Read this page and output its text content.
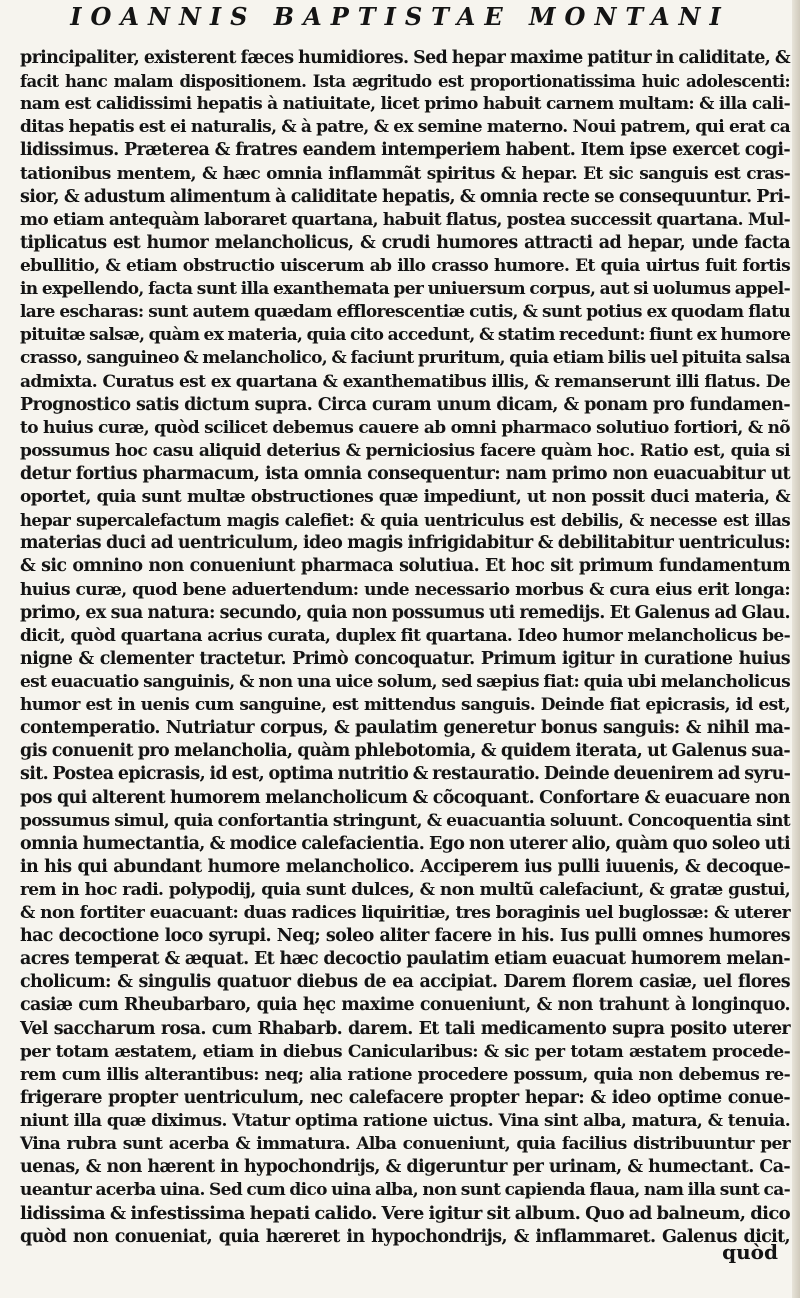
IOANNIS BAPTISTAE MONTANI
principaliter, existerent fæces humidiores. Sed hepar maxime patitur in caliditate, &
facit hanc malam dispositionem. Ista ægritudo est proportionatissima huic adolescenti:
nam est calidissimi hepatis à natiuitate, licet primo habuit carnem multam: & illa cali-
ditas hepatis est ei naturalis, & à patre, & ex semine materno. Noui patrem, qui erat ca
lidissimus. Præterea & fratres eandem intemperiem habent. Item ipse exercet cogi-
tationibus mentem, & hæc omnia inflammãt spiritus & hepar. Et sic sanguis est cras-
sior, & adustum alimentum à caliditate hepatis, & omnia recte se consequuntur. Pri-
mo etiam antequàm laboraret quartana, habuit flatus, postea successit quartana. Mul-
tiplicatus est humor melancholicus, & crudi humores attracti ad hepar, unde facta
ebullitio, & etiam obstructio uiscerum ab illo crasso humore. Et quia uirtus fuit fortis
in expellendo, facta sunt illa exanthemata per uniuersum corpus, aut si uolumus appel-
lare escharas: sunt autem quædam efflorescentiæ cutis, & sunt potius ex quodam flatu
pituitæ salsæ, quàm ex materia, quia cito accedunt, & statim recedunt: fiunt ex humore
crasso, sanguineo & melancholico, & faciunt pruritum, quia etiam bilis uel pituita salsa
admixta. Curatus est ex quartana & exanthematibus illis, & remanserunt illi flatus. De
Prognostico satis dictum supra. Circa curam unum dicam, & ponam pro fundamen-
to huius curæ, quòd scilicet debemus cauere ab omni pharmaco solutiuo fortiori, & nõ
possumus hoc casu aliquid deterius & perniciosius facere quàm hoc. Ratio est, quia si
detur fortius pharmacum, ista omnia consequentur: nam primo non euacuabitur ut
oportet, quia sunt multæ obstructiones quæ impediunt, ut non possit duci materia, &
hepar supercalefactum magis calefiet: & quia uentriculus est debilis, & necesse est illas
materias duci ad uentriculum, ideo magis infrigidabitur & debilitabitur uentriculus:
& sic omnino non conueniunt pharmaca solutiua. Et hoc sit primum fundamentum
huius curæ, quod bene aduertendum: unde necessario morbus & cura eius erit longa:
primo, ex sua natura: secundo, quia non possumus uti remedijs. Et Galenus ad Glau.
dicit, quòd quartana acrius curata, duplex fit quartana. Ideo humor melancholicus be-
nigne & clementer tractetur. Primò concoquatur. Primum igitur in curatione huius
est euacuatio sanguinis, & non una uice solum, sed sæpius fiat: quia ubi melancholicus
humor est in uenis cum sanguine, est mittendus sanguis. Deinde fiat epicrasis, id est,
contemperatio. Nutriatur corpus, & paulatim generetur bonus sanguis: & nihil ma-
gis conuenit pro melancholia, quàm phlebotomia, & quidem iterata, ut Galenus sua-
sit. Postea epicrasis, id est, optima nutritio & restauratio. Deinde deuenirem ad syru-
pos qui alterent humorem melancholicum & cõcoquant. Confortare & euacuare non
possumus simul, quia confortantia stringunt, & euacuantia soluunt. Concoquentia sint
omnia humectantia, & modice calefacientia. Ego non uterer alio, quàm quo soleo uti
in his qui abundant humore melancholico. Acciperem ius pulli iuuenis, & decoque-
rem in hoc radi. polypodij, quia sunt dulces, & non multũ calefaciunt, & gratæ gustui,
& non fortiter euacuant: duas radices liquiritiæ, tres boraginis uel buglossæ: & uterer
hac decoctione loco syrupi. Neq; soleo aliter facere in his. Ius pulli omnes humores
acres temperat & æquat. Et hæc decoctio paulatim etiam euacuat humorem melan-
cholicum: & singulis quatuor diebus de ea accipiat. Darem florem casiæ, uel flores
casiæ cum Rheubarbaro, quia hęc maxime conueniunt, & non trahunt à longinquo.
Vel saccharum rosa. cum Rhabarb. darem. Et tali medicamento supra posito uterer
per totam æstatem, etiam in diebus Canicularibus: & sic per totam æstatem procede-
rem cum illis alterantibus: neq; alia ratione procedere possum, quia non debemus re-
frigerare propter uentriculum, nec calefacere propter hepar: & ideo optime conue-
niunt illa quæ diximus. Vtatur optima ratione uictus. Vina sint alba, matura, & tenuia.
Vina rubra sunt acerba & immatura. Alba conueniunt, quia facilius distribuuntur per
uenas, & non hærent in hypochondrijs, & digeruntur per urinam, & humectant. Ca-
ueantur acerba uina. Sed cum dico uina alba, non sunt capienda flaua, nam illa sunt ca-
lidissima & infestissima hepati calido. Vere igitur sit album. Quo ad balneum, dico
quòd non conueniat, quia hæreret in hypochondrijs, & inflammaret. Galenus dicit,
quòd
